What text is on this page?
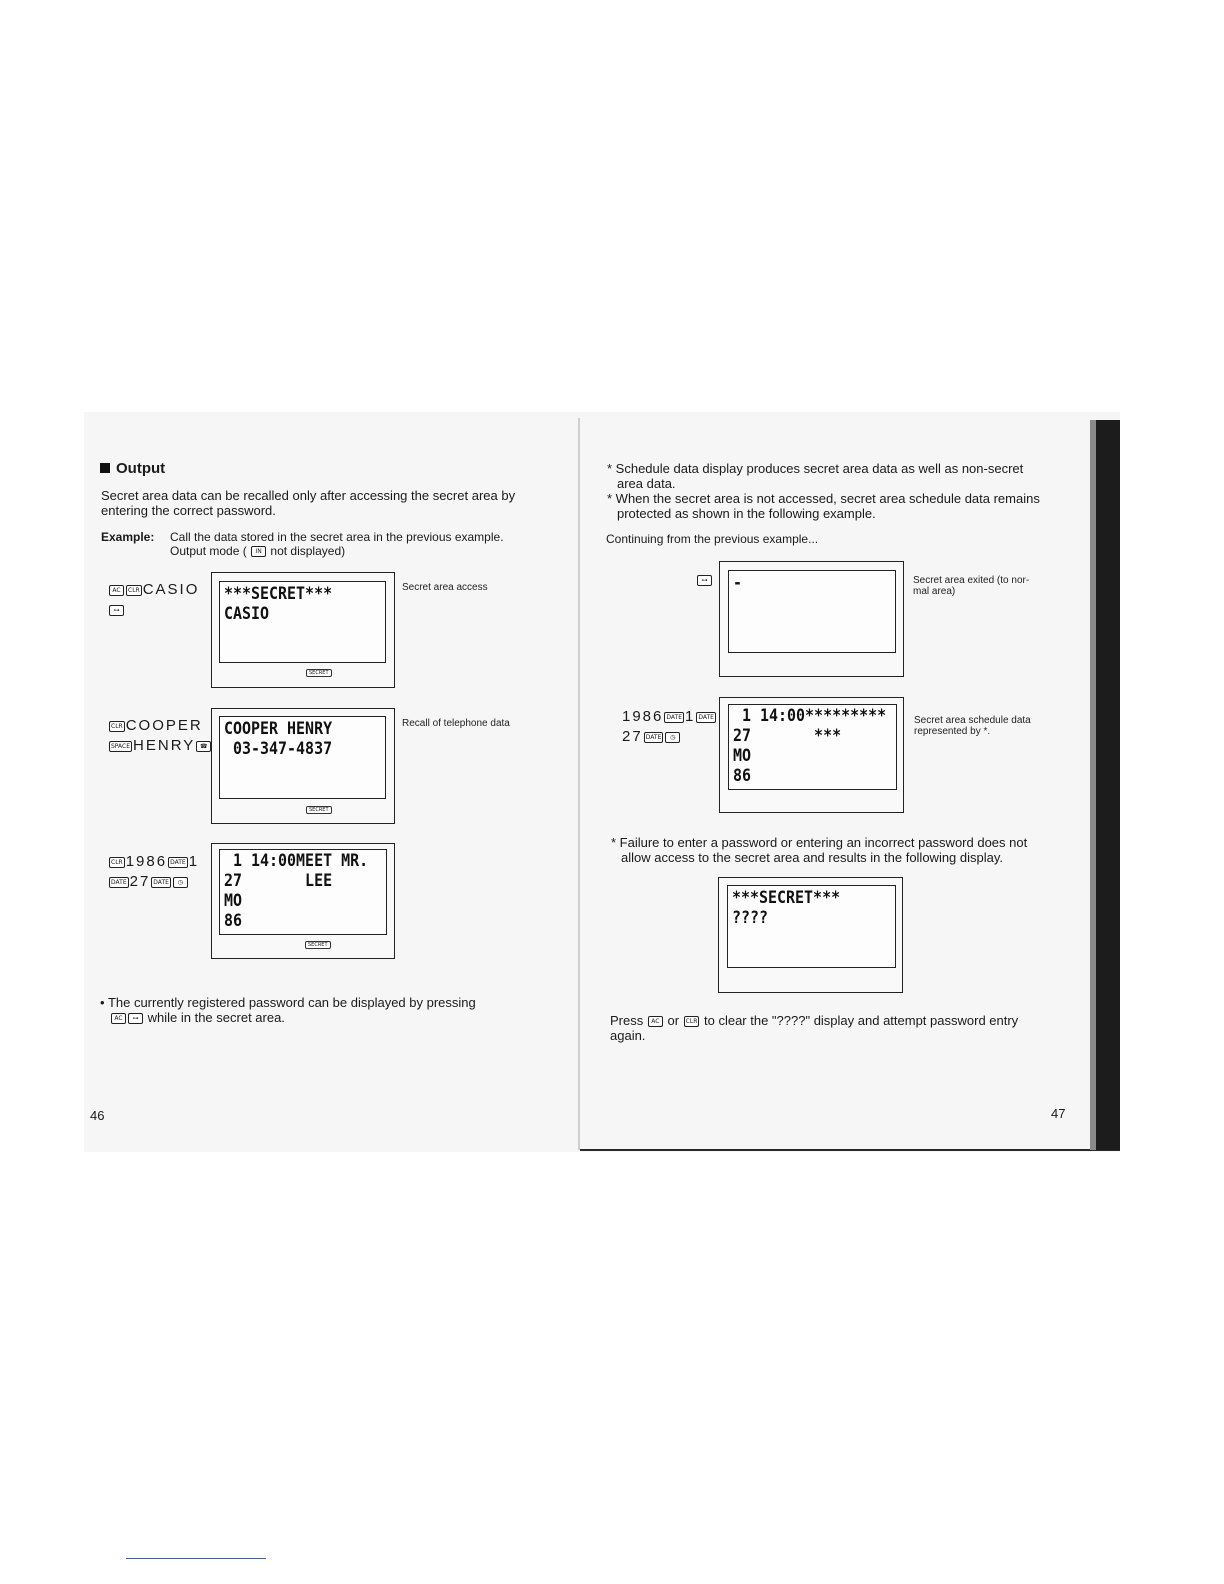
Output
Secret area data can be recalled only after accessing the secret area by entering the correct password.
Example: Call the data stored in the secret area in the previous example.
Output mode ( IN not displayed)
AC CLR CASIO
⊶
***SECRET***
CASIO
SECRET
Secret area access
CLR COOPER
SPACE HENRY ☎
COOPER HENRY
03-347-4837
SECRET
Recall of telephone data
CLR 1986 DATE 1
DATE 27 DATE ◷
1 14:00MEET MR.
27       LEE
MO
86
SECRET
• The currently registered password can be displayed by pressing
AC ⊶ while in the secret area.
46
* Schedule data display produces secret area data as well as non-secret
area data.
* When the secret area is not accessed, secret area schedule data remains
protected as shown in the following example.
Continuing from the previous example...
⊶	-	Secret area exited (to nor-
mal area)
1986 DATE 1 DATE
27 DATE ◷
1 14:00*********
27       ***
MO
86
Secret area schedule data
represented by *.
* Failure to enter a password or entering an incorrect password does not
allow access to the secret area and results in the following display.
***SECRET***
????
Press AC or CLR to clear the "????" display and attempt password entry
again.
47
